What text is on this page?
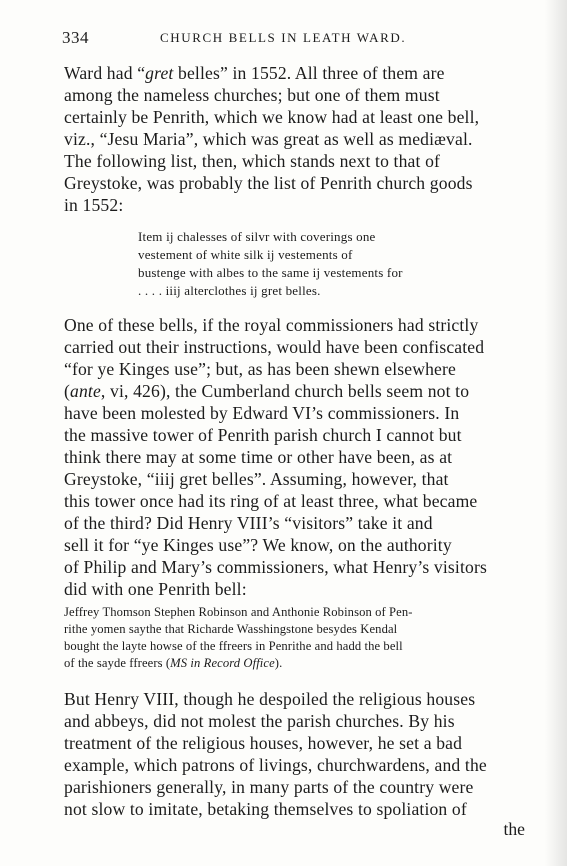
334	CHURCH BELLS IN LEATH WARD.
Ward had “gret belles” in 1552. All three of them are
among the nameless churches; but one of them must
certainly be Penrith, which we know had at least one bell,
viz., “Jesu Maria”, which was great as well as mediæval.
The following list, then, which stands next to that of
Greystoke, was probably the list of Penrith church goods
in 1552:
Item ij chalesses of silvr with coverings one
vestement of white silk ij vestements of
bustenge with albes to the same ij vestements for
. . . . iiij alterclothes ij gret belles.
One of these bells, if the royal commissioners had strictly
carried out their instructions, would have been confiscated
“for ye Kinges use”; but, as has been shewn elsewhere
(ante, vi, 426), the Cumberland church bells seem not to
have been molested by Edward VI’s commissioners. In
the massive tower of Penrith parish church I cannot but
think there may at some time or other have been, as at
Greystoke, “iiij gret belles”. Assuming, however, that
this tower once had its ring of at least three, what became
of the third? Did Henry VIII’s “visitors” take it and
sell it for “ye Kinges use”? We know, on the authority
of Philip and Mary’s commissioners, what Henry’s visitors
did with one Penrith bell:
Jeffrey Thomson Stephen Robinson and Anthonie Robinson of Pen-
rithe yomen saythe that Richarde Wasshingstone besydes Kendal
bought the layte howse of the ffreers in Penrithe and hadd the bell
of the sayde ffreers (MS in Record Office).
But Henry VIII, though he despoiled the religious houses
and abbeys, did not molest the parish churches. By his
treatment of the religious houses, however, he set a bad
example, which patrons of livings, churchwardens, and the
parishioners generally, in many parts of the country were
not slow to imitate, betaking themselves to spoliation of
the
